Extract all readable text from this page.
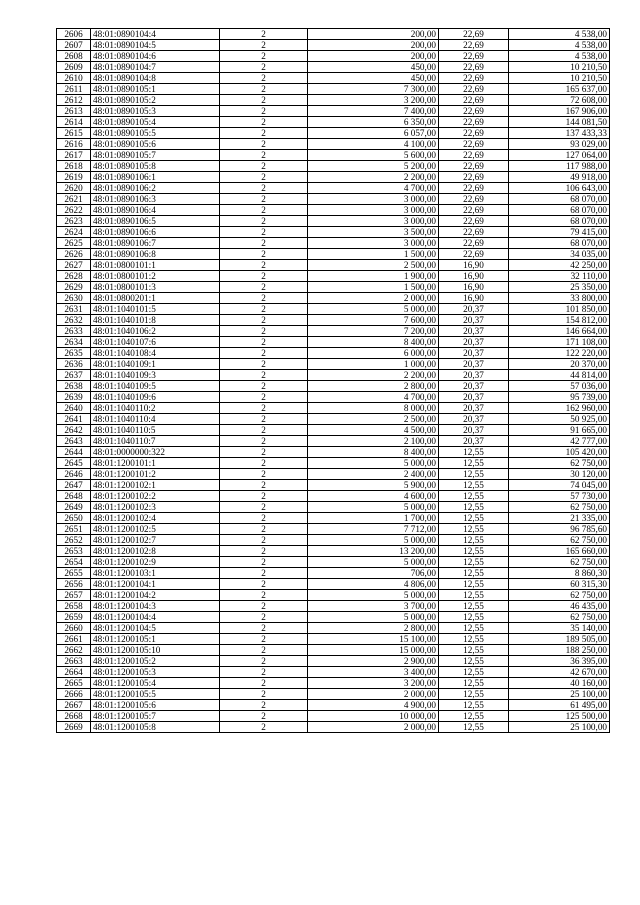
2606	48:01:0890104:4	2	200,00	22,69	4 538,00
2607	48:01:0890104:5	2	200,00	22,69	4 538,00
2608	48:01:0890104:6	2	200,00	22,69	4 538,00
2609	48:01:0890104:7	2	450,00	22,69	10 210,50
2610	48:01:0890104:8	2	450,00	22,69	10 210,50
2611	48:01:0890105:1	2	7 300,00	22,69	165 637,00
2612	48:01:0890105:2	2	3 200,00	22,69	72 608,00
2613	48:01:0890105:3	2	7 400,00	22,69	167 906,00
2614	48:01:0890105:4	2	6 350,00	22,69	144 081,50
2615	48:01:0890105:5	2	6 057,00	22,69	137 433,33
2616	48:01:0890105:6	2	4 100,00	22,69	93 029,00
2617	48:01:0890105:7	2	5 600,00	22,69	127 064,00
2618	48:01:0890105:8	2	5 200,00	22,69	117 988,00
2619	48:01:0890106:1	2	2 200,00	22,69	49 918,00
2620	48:01:0890106:2	2	4 700,00	22,69	106 643,00
2621	48:01:0890106:3	2	3 000,00	22,69	68 070,00
2622	48:01:0890106:4	2	3 000,00	22,69	68 070,00
2623	48:01:0890106:5	2	3 000,00	22,69	68 070,00
2624	48:01:0890106:6	2	3 500,00	22,69	79 415,00
2625	48:01:0890106:7	2	3 000,00	22,69	68 070,00
2626	48:01:0890106:8	2	1 500,00	22,69	34 035,00
2627	48:01:0800101:1	2	2 500,00	16,90	42 250,00
2628	48:01:0800101:2	2	1 900,00	16,90	32 110,00
2629	48:01:0800101:3	2	1 500,00	16,90	25 350,00
2630	48:01:0800201:1	2	2 000,00	16,90	33 800,00
2631	48:01:1040101:5	2	5 000,00	20,37	101 850,00
2632	48:01:1040101:8	2	7 600,00	20,37	154 812,00
2633	48:01:1040106:2	2	7 200,00	20,37	146 664,00
2634	48:01:1040107:6	2	8 400,00	20,37	171 108,00
2635	48:01:1040108:4	2	6 000,00	20,37	122 220,00
2636	48:01:1040109:1	2	1 000,00	20,37	20 370,00
2637	48:01:1040109:3	2	2 200,00	20,37	44 814,00
2638	48:01:1040109:5	2	2 800,00	20,37	57 036,00
2639	48:01:1040109:6	2	4 700,00	20,37	95 739,00
2640	48:01:1040110:2	2	8 000,00	20,37	162 960,00
2641	48:01:1040110:4	2	2 500,00	20,37	50 925,00
2642	48:01:1040110:5	2	4 500,00	20,37	91 665,00
2643	48:01:1040110:7	2	2 100,00	20,37	42 777,00
2644	48:01:0000000:322	2	8 400,00	12,55	105 420,00
2645	48:01:1200101:1	2	5 000,00	12,55	62 750,00
2646	48:01:1200101:2	2	2 400,00	12,55	30 120,00
2647	48:01:1200102:1	2	5 900,00	12,55	74 045,00
2648	48:01:1200102:2	2	4 600,00	12,55	57 730,00
2649	48:01:1200102:3	2	5 000,00	12,55	62 750,00
2650	48:01:1200102:4	2	1 700,00	12,55	21 335,00
2651	48:01:1200102:5	2	7 712,00	12,55	96 785,60
2652	48:01:1200102:7	2	5 000,00	12,55	62 750,00
2653	48:01:1200102:8	2	13 200,00	12,55	165 660,00
2654	48:01:1200102:9	2	5 000,00	12,55	62 750,00
2655	48:01:1200103:1	2	706,00	12,55	8 860,30
2656	48:01:1200104:1	2	4 806,00	12,55	60 315,30
2657	48:01:1200104:2	2	5 000,00	12,55	62 750,00
2658	48:01:1200104:3	2	3 700,00	12,55	46 435,00
2659	48:01:1200104:4	2	5 000,00	12,55	62 750,00
2660	48:01:1200104:5	2	2 800,00	12,55	35 140,00
2661	48:01:1200105:1	2	15 100,00	12,55	189 505,00
2662	48:01:1200105:10	2	15 000,00	12,55	188 250,00
2663	48:01:1200105:2	2	2 900,00	12,55	36 395,00
2664	48:01:1200105:3	2	3 400,00	12,55	42 670,00
2665	48:01:1200105:4	2	3 200,00	12,55	40 160,00
2666	48:01:1200105:5	2	2 000,00	12,55	25 100,00
2667	48:01:1200105:6	2	4 900,00	12,55	61 495,00
2668	48:01:1200105:7	2	10 000,00	12,55	125 500,00
2669	48:01:1200105:8	2	2 000,00	12,55	25 100,00
